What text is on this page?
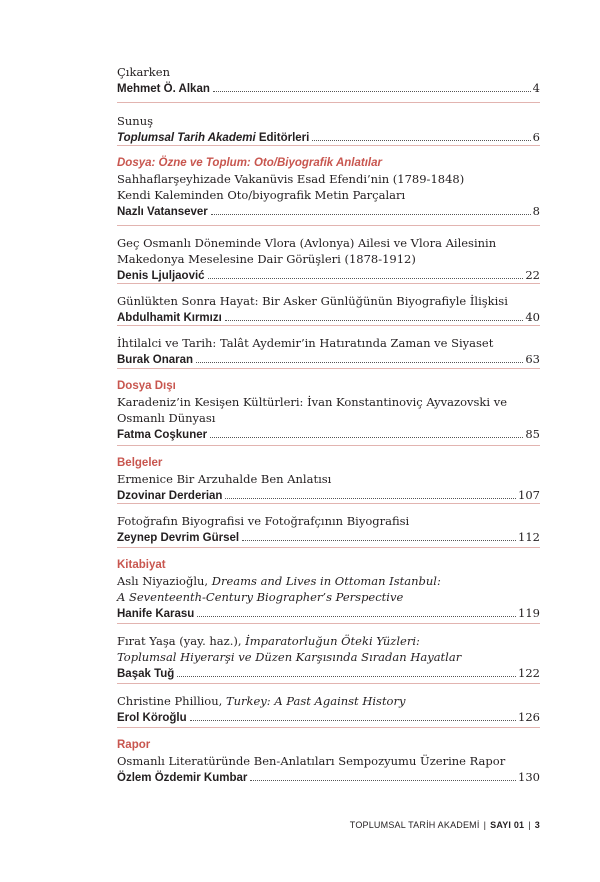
Çıkarken
Mehmet Ö. Alkan	4
Sunuş
Toplumsal Tarih Akademi Editörleri	6
Dosya: Özne ve Toplum: Oto/Biyografik Anlatılar
Sahhaflarşeyhizade Vakanüvis Esad Efendi’nin (1789-1848)
Kendi Kaleminden Oto/biyografik Metin Parçaları
Nazlı Vatansever	8
Geç Osmanlı Döneminde Vlora (Avlonya) Ailesi ve Vlora Ailesinin
Makedonya Meselesine Dair Görüşleri (1878-1912)
Denis Ljuljaović	22
Günlükten Sonra Hayat: Bir Asker Günlüğünün Biyografiyle İlişkisi
Abdulhamit Kırmızı	40
İhtilalci ve Tarih: Talât Aydemir’in Hatıratında Zaman ve Siyaset
Burak Onaran	63
Dosya Dışı
Karadeniz’in Kesişen Kültürleri: İvan Konstantinoviç Ayvazovski ve
Osmanlı Dünyası
Fatma Coşkuner	85
Belgeler
Ermenice Bir Arzuhalde Ben Anlatısı
Dzovinar Derderian	107
Fotoğrafın Biyografisi ve Fotoğrafçının Biyografisi
Zeynep Devrim Gürsel	112
Kitabiyat
Aslı Niyazioğlu, Dreams and Lives in Ottoman Istanbul:
A Seventeenth-Century Biographer’s Perspective
Hanife Karasu	119
Fırat Yaşa (yay. haz.), İmparatorluğun Öteki Yüzleri:
Toplumsal Hiyerarşi ve Düzen Karşısında Sıradan Hayatlar
Başak Tuğ	122
Christine Philliou, Turkey: A Past Against History
Erol Köroğlu	126
Rapor
Osmanlı Literatüründe Ben-Anlatıları Sempozyumu Üzerine Rapor
Özlem Özdemir Kumbar	130
TOPLUMSAL TARİH AKADEMİ | SAYI 01 | 3
